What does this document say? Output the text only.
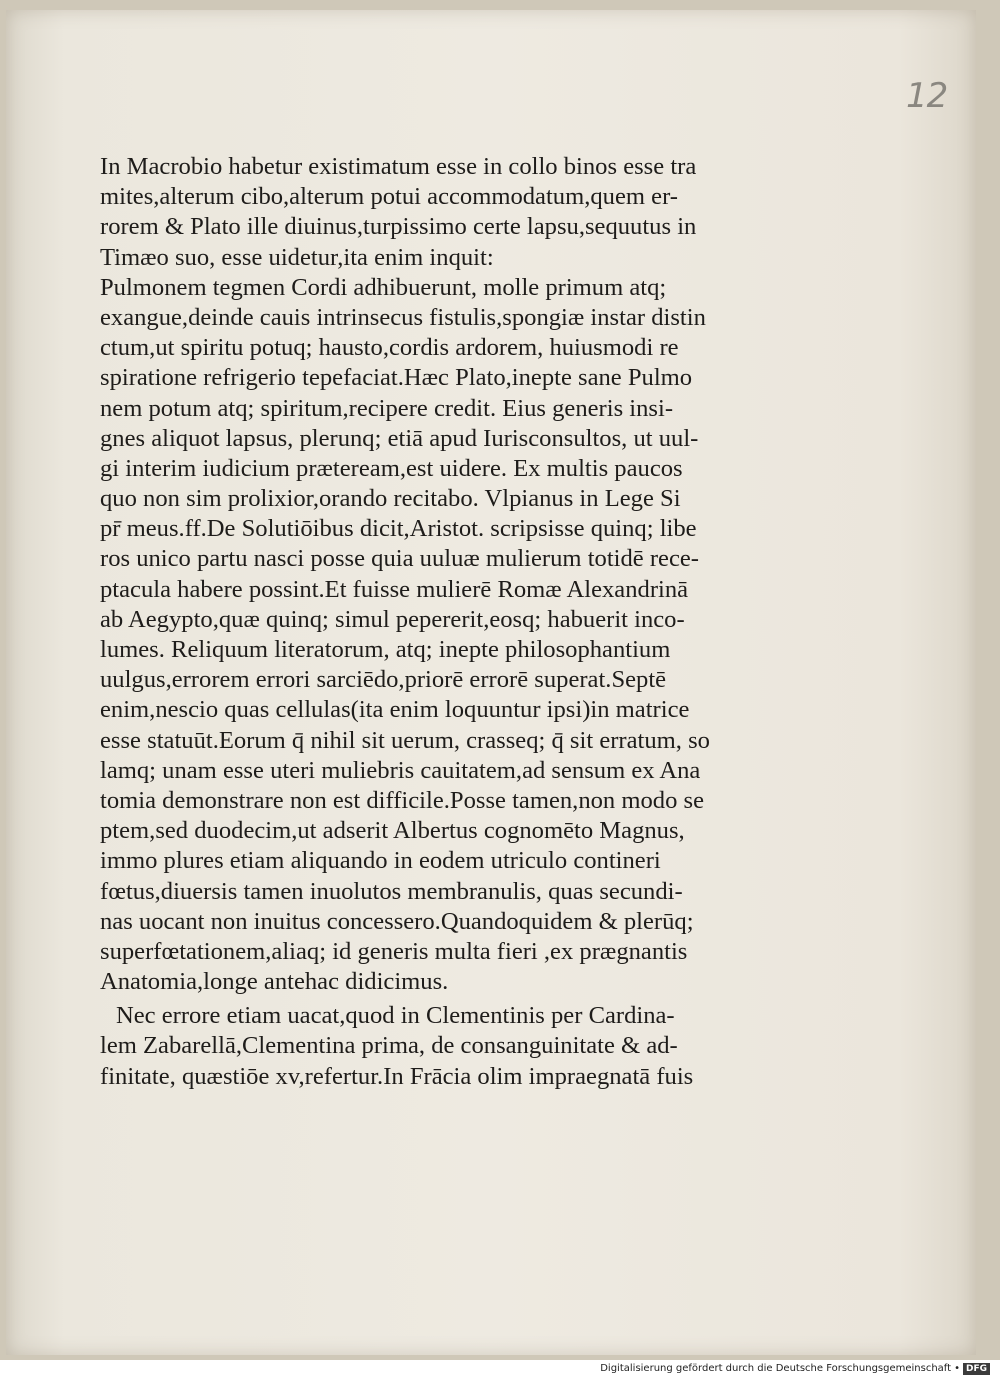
12
In Macrobio habetur existimatum esse in collo binos esse tra
mites,alterum cibo,alterum potui accommodatum,quem er-
rorem & Plato ille diuinus,turpissimo certe lapsu,sequutus in
Timæo suo, esse uidetur,ita enim inquit:
Pulmonem tegmen Cordi adhibuerunt, molle primum atq;
exangue,deinde cauis intrinsecus fistulis,spongiæ instar distin
ctum,ut spiritu potuq; hausto,cordis ardorem, huiusmodi re
spiratione refrigerio tepefaciat.Hæc Plato,inepte sane Pulmo
nem potum atq; spiritum,recipere credit. Eius generis insi-
gnes aliquot lapsus, plerunq; etiā apud Iurisconsultos, ut uul-
gi interim iudicium præteream,est uidere. Ex multis paucos
quo non sim prolixior,orando recitabo. Vlpianus in Lege Si
pr̄ meus.ff.De Solutiōibus dicit,Aristot. scripsisse quinq; libe
ros unico partu nasci posse quia uuluæ mulierum totidē rece-
ptacula habere possint.Et fuisse mulierē Romæ Alexandrinā
ab Aegypto,quæ quinq; simul pepererit,eosq; habuerit inco-
lumes. Reliquum literatorum, atq; inepte philosophantium
uulgus,errorem errori sarciēdo,priorē errorē superat.Septē
enim,nescio quas cellulas(ita enim loquuntur ipsi)in matrice
esse statuūt.Eorum q̄ nihil sit uerum, crasseq; q̄ sit erratum, so
lamq; unam esse uteri muliebris cauitatem,ad sensum ex Ana
tomia demonstrare non est difficile.Posse tamen,non modo se
ptem,sed duodecim,ut adserit Albertus cognomēto Magnus,
immo plures etiam aliquando in eodem utriculo contineri
fœtus,diuersis tamen inuolutos membranulis, quas secundi-
nas uocant non inuitus concessero.Quandoquidem & plerūq;
superfœtationem,aliaq; id generis multa fieri ,ex prægnantis
Anatomia,longe antehac didicimus.
Nec errore etiam uacat,quod in Clementinis per Cardina-
lem Zabarellā,Clementina prima, de consanguinitate & ad-
finitate, quæstiōe xv,refertur.In Frācia olim impraegnatā fuis
Digitalisierung gefördert durch die Deutsche Forschungsgemeinschaft • DFG
